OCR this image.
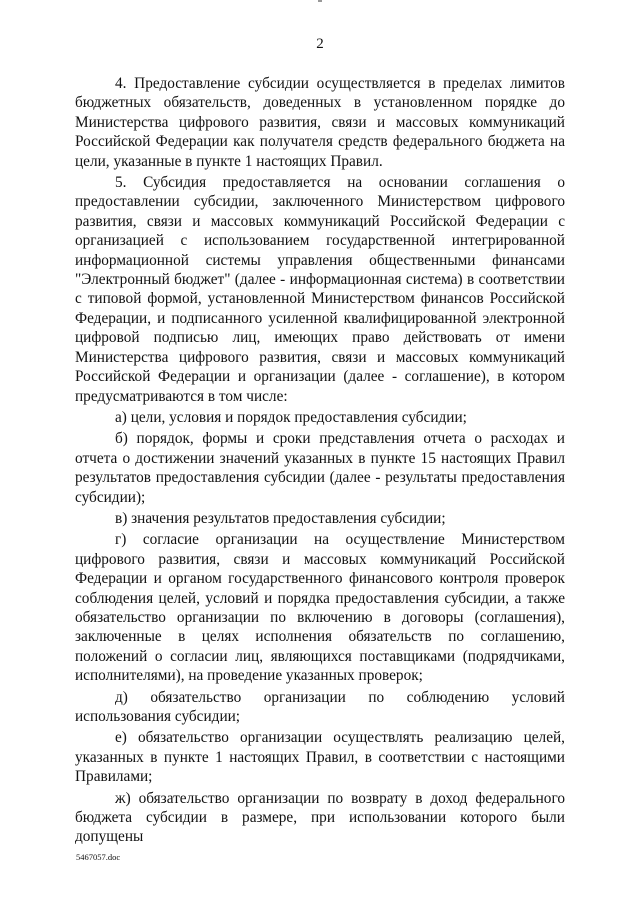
2

4. Предоставление субсидии осуществляется в пределах лимитов бюджетных обязательств, доведенных в установленном порядке до Министерства цифрового развития, связи и массовых коммуникаций Российской Федерации как получателя средств федерального бюджета на цели, указанные в пункте 1 настоящих Правил.

5. Субсидия предоставляется на основании соглашения о предоставлении субсидии, заключенного Министерством цифрового развития, связи и массовых коммуникаций Российской Федерации с организацией с использованием государственной интегрированной информационной системы управления общественными финансами "Электронный бюджет" (далее - информационная система) в соответствии с типовой формой, установленной Министерством финансов Российской Федерации, и подписанного усиленной квалифицированной электронной цифровой подписью лиц, имеющих право действовать от имени Министерства цифрового развития, связи и массовых коммуникаций Российской Федерации и организации (далее - соглашение), в котором предусматриваются в том числе:

а) цели, условия и порядок предоставления субсидии;

б) порядок, формы и сроки представления отчета о расходах и отчета о достижении значений указанных в пункте 15 настоящих Правил результатов предоставления субсидии (далее - результаты предоставления субсидии);

в) значения результатов предоставления субсидии;

г) согласие организации на осуществление Министерством цифрового развития, связи и массовых коммуникаций Российской Федерации и органом государственного финансового контроля проверок соблюдения целей, условий и порядка предоставления субсидии, а также обязательство организации по включению в договоры (соглашения), заключенные в целях исполнения обязательств по соглашению, положений о согласии лиц, являющихся поставщиками (подрядчиками, исполнителями), на проведение указанных проверок;

д) обязательство организации по соблюдению условий использования субсидии;

е) обязательство организации осуществлять реализацию целей, указанных в пункте 1 настоящих Правил, в соответствии с настоящими Правилами;

ж) обязательство организации по возврату в доход федерального бюджета субсидии в размере, при использовании которого были допущены

5467057.doc
